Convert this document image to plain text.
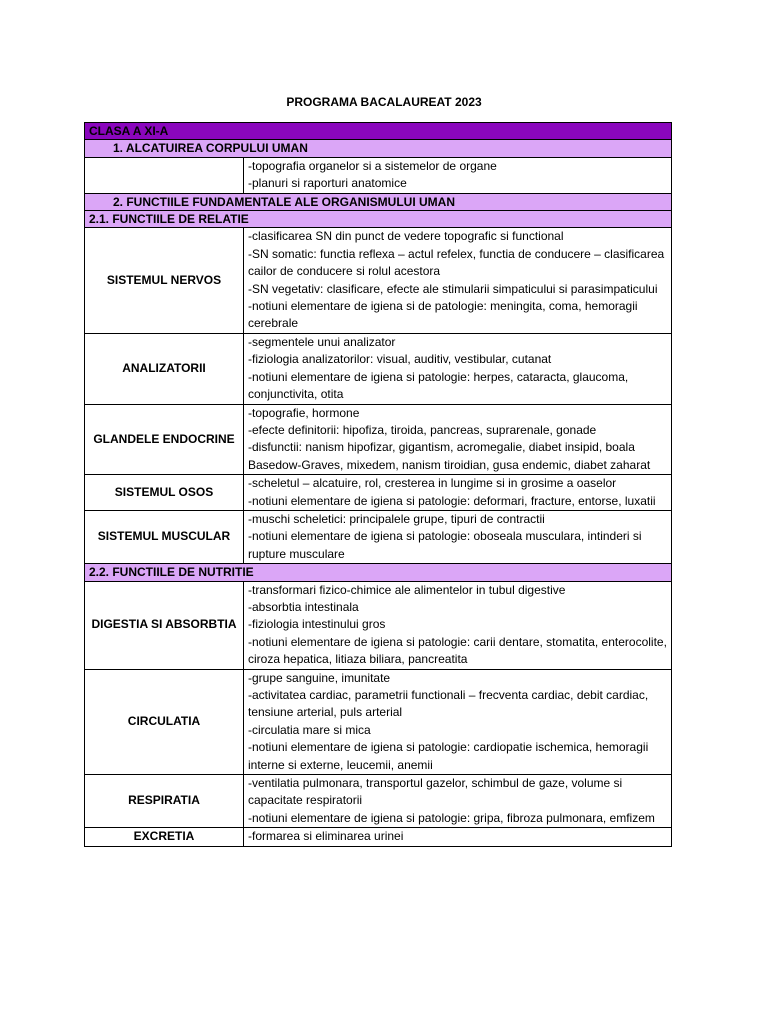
PROGRAMA BACALAUREAT 2023
CLASA A XI-A	
1. ALCATUIREA CORPULUI UMAN	

	-topografia organelor si a sistemelor de organe
-planuri si raporturi anatomice

2. FUNCTIILE FUNDAMENTALE ALE ORGANISMULUI UMAN	
2.1. FUNCTIILE DE RELATIE	
SISTEMUL NERVOS	-clasificarea SN din punct de vedere topografic si functional
-SN somatic: functia reflexa – actul refelex, functia de conducere – clasificarea cailor de conducere si rolul acestora
-SN vegetativ: clasificare, efecte ale stimularii simpaticului si parasimpaticului
-notiuni elementare de igiena si de patologie: meningita, coma, hemoragii cerebrale

ANALIZATORII	-segmentele unui analizator
-fiziologia analizatorilor: visual, auditiv, vestibular, cutanat
-notiuni elementare de igiena si patologie: herpes, cataracta, glaucoma, conjunctivita, otita

GLANDELE ENDOCRINE	-topografie, hormone
-efecte definitorii: hipofiza, tiroida, pancreas, suprarenale, gonade
-disfunctii: nanism hipofizar, gigantism, acromegalie, diabet insipid, boala Basedow-Graves, mixedem, nanism tiroidian, gusa endemic, diabet zaharat

SISTEMUL OSOS	-scheletul – alcatuire, rol, cresterea in lungime si in grosime a oaselor
-notiuni elementare de igiena si patologie: deformari, fracture, entorse, luxatii

SISTEMUL MUSCULAR	-muschi scheletici: principalele grupe, tipuri de contractii
-notiuni elementare de igiena si patologie: oboseala musculara, intinderi si rupture musculare

2.2. FUNCTIILE DE NUTRITIE	
DIGESTIA SI ABSORBTIA	-transformari fizico-chimice ale alimentelor in tubul digestive
-absorbtia intestinala
-fiziologia intestinului gros
-notiuni elementare de igiena si patologie: carii dentare, stomatita, enterocolite, ciroza hepatica, litiaza biliara, pancreatita

CIRCULATIA	-grupe sanguine, imunitate
-activitatea cardiac, parametrii functionali – frecventa cardiac, debit cardiac, tensiune arterial, puls arterial
-circulatia mare si mica
-notiuni elementare de igiena si patologie: cardiopatie ischemica, hemoragii interne si externe, leucemii, anemii

RESPIRATIA	-ventilatia pulmonara, transportul gazelor, schimbul de gaze, volume si capacitate respiratorii
-notiuni elementare de igiena si patologie: gripa, fibroza pulmonara, emfizem

EXCRETIA	-formarea si eliminarea urinei
